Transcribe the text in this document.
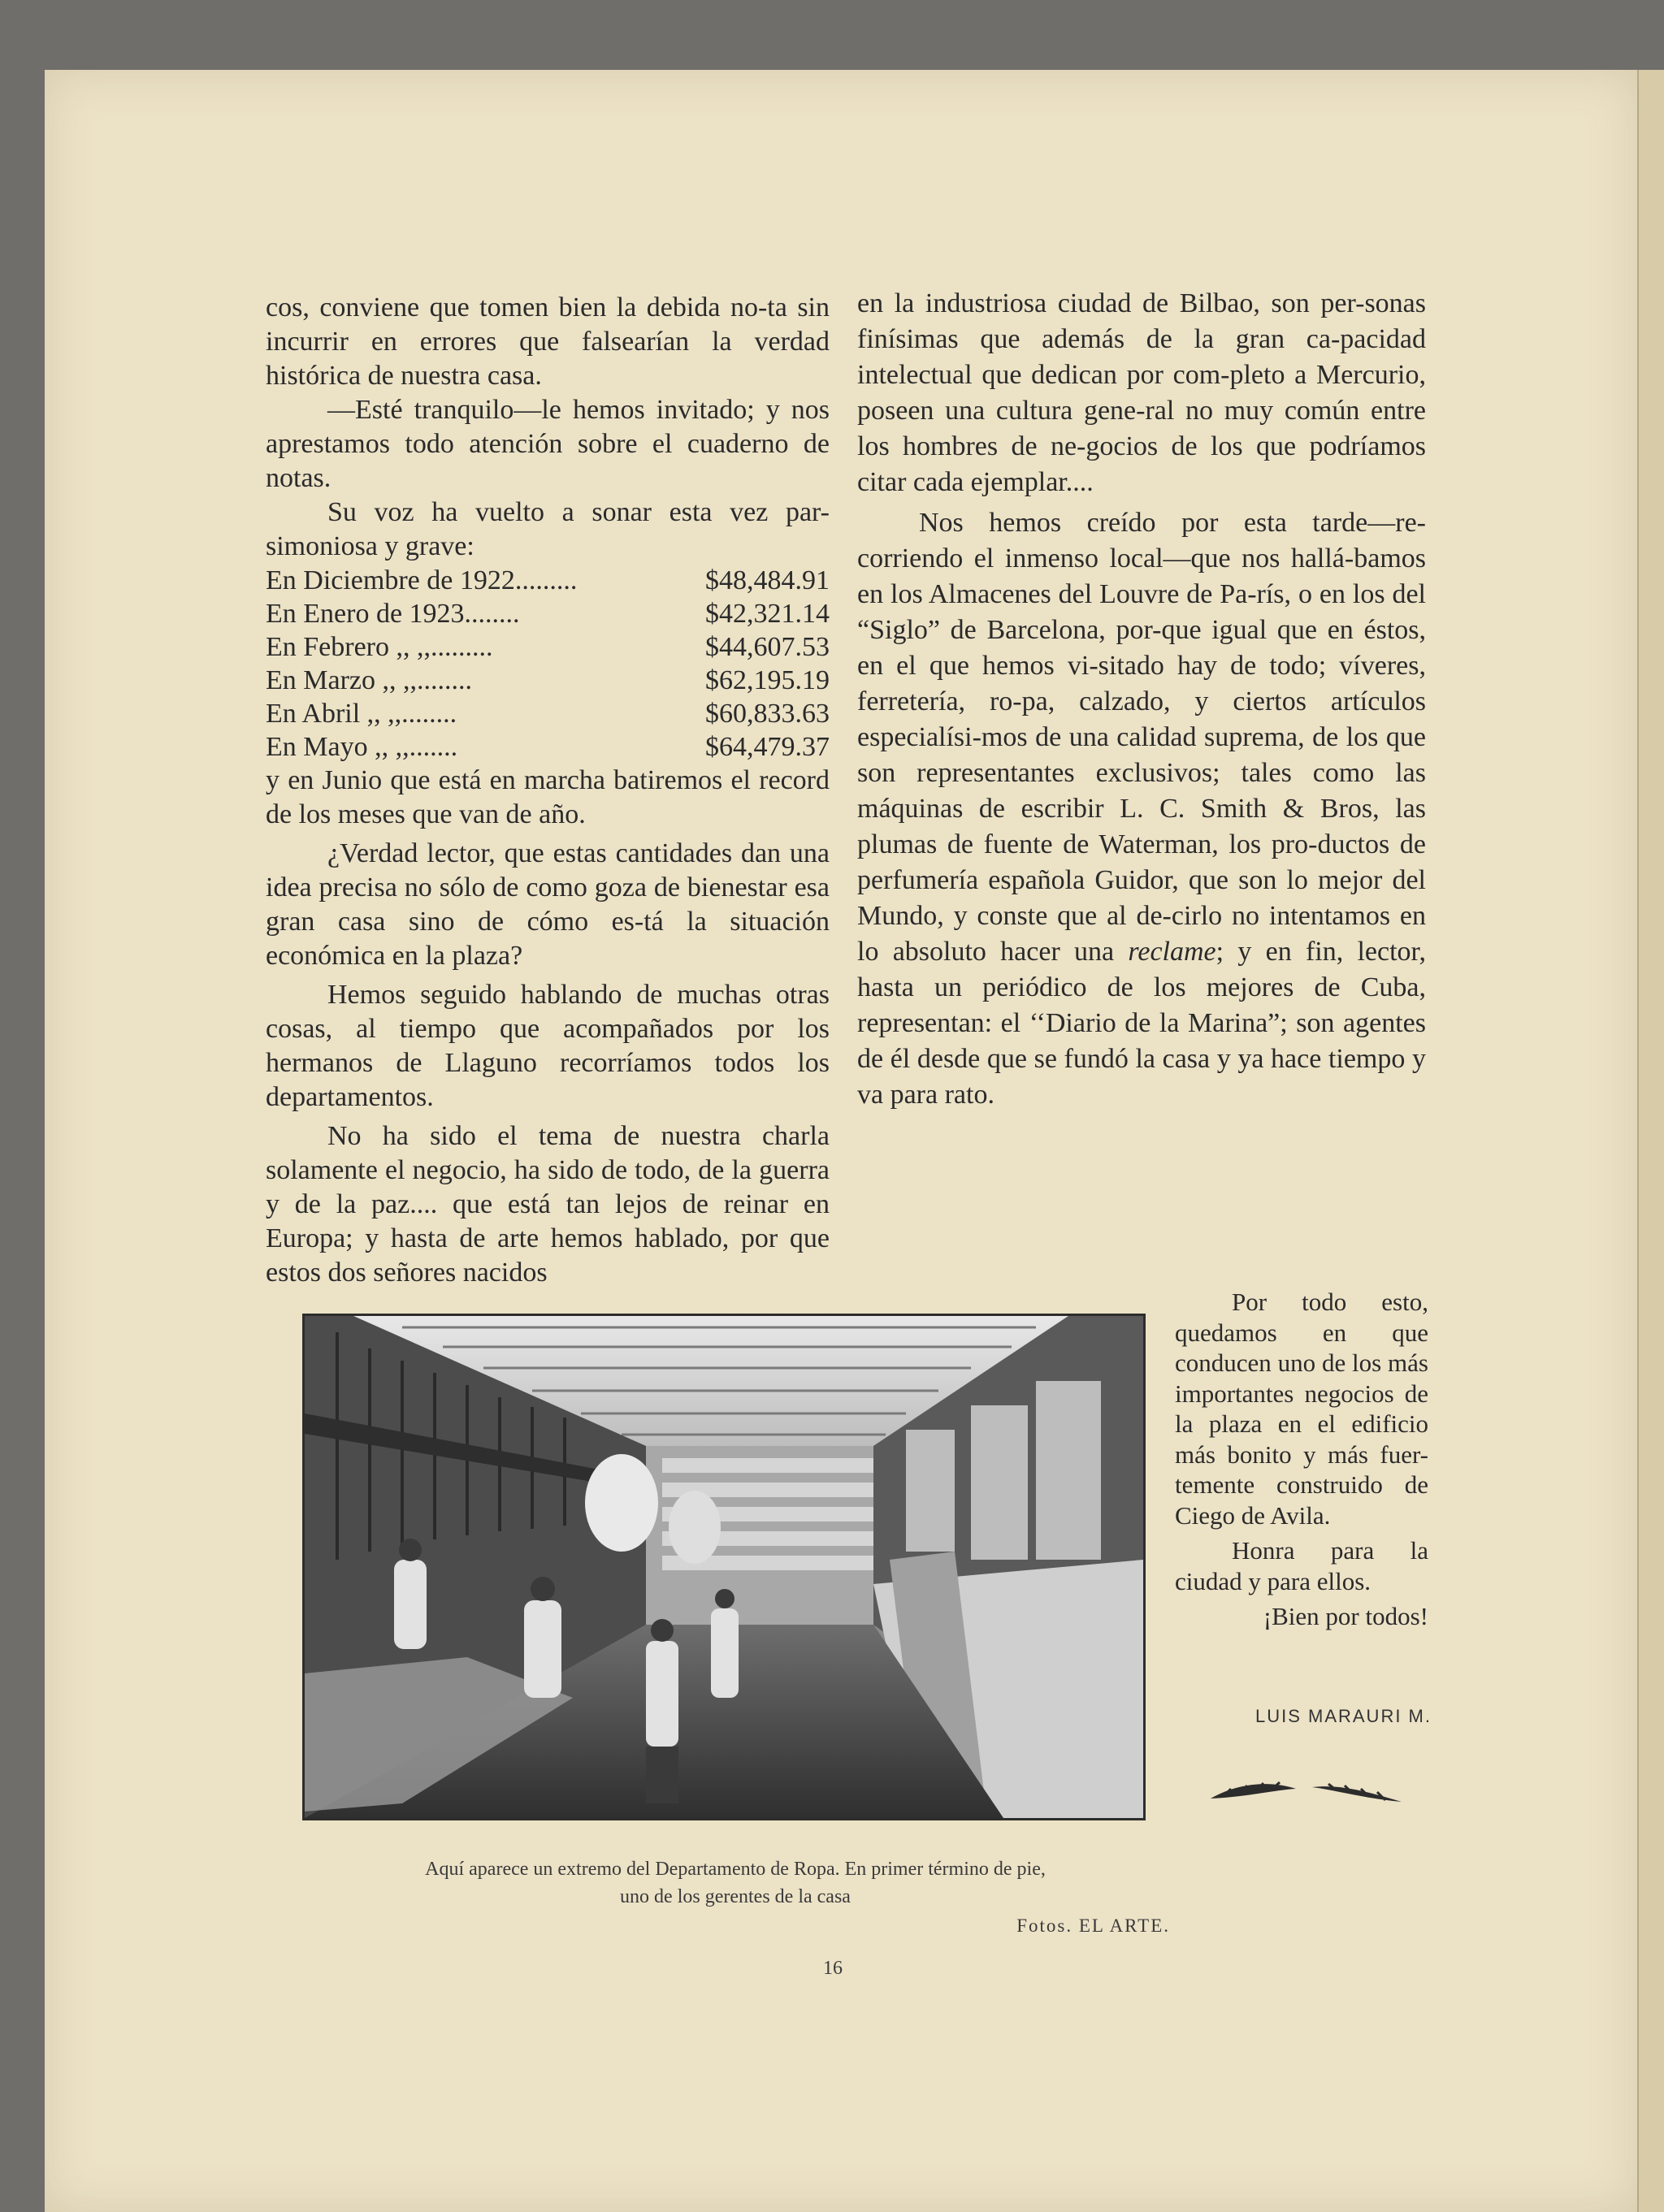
cos, conviene que tomen bien la debida no-ta sin incurrir en errores que falsearían la verdad histórica de nuestra casa.

—Esté tranquilo—le hemos invitado; y nos aprestamos todo atención sobre el cuaderno de notas.

Su voz ha vuelto a sonar esta vez par-simoniosa y grave:

En Diciembre de 1922.........	$48,484.91
En Enero de 1923........	$42,321.14
En Febrero ,, ,,.........	$44,607.53
En Marzo ,, ,,........	$62,195.19
En Abril ,, ,,........	$60,833.63
En Mayo ,, ,,.......	$64,479.37

y en Junio que está en marcha batiremos el record de los meses que van de año.

¿Verdad lector, que estas cantidades dan una idea precisa no sólo de como goza de bienestar esa gran casa sino de cómo es-tá la situación económica en la plaza?

Hemos seguido hablando de muchas otras cosas, al tiempo que acompañados por los hermanos de Llaguno recorríamos todos los departamentos.

No ha sido el tema de nuestra charla solamente el negocio, ha sido de todo, de la guerra y de la paz.... que está tan lejos de reinar en Europa; y hasta de arte hemos hablado, por que estos dos señores nacidos

en la industriosa ciudad de Bilbao, son per-sonas finísimas que además de la gran ca-pacidad intelectual que dedican por com-pleto a Mercurio, poseen una cultura gene-ral no muy común entre los hombres de ne-gocios de los que podríamos citar cada ejemplar....

Nos hemos creído por esta tarde—re-corriendo el inmenso local—que nos hallá-bamos en los Almacenes del Louvre de Pa-rís, o en los del “Siglo” de Barcelona, por-que igual que en éstos, en el que hemos vi-sitado hay de todo; víveres, ferretería, ro-pa, calzado, y ciertos artículos especialísi-mos de una calidad suprema, de los que son representantes exclusivos; tales como las máquinas de escribir L. C. Smith & Bros, las plumas de fuente de Waterman, los pro-ductos de perfumería española Guidor, que son lo mejor del Mundo, y conste que al de-cirlo no intentamos en lo absoluto hacer una reclame; y en fin, lector, hasta un periódico de los mejores de Cuba, representan: el ‘‘Diario de la Marina”; son agentes de él desde que se fundó la casa y ya hace tiempo y va para rato.

Aquí aparece un extremo del Departamento de Ropa. En primer término de pie,
uno de los gerentes de la casa
Fotos. EL ARTE.
16

Por todo esto, quedamos en que conducen uno de los más importantes negocios de la plaza en el edificio más bonito y más fuer-temente construido de Ciego de Avila.

Honra para la ciudad y para ellos.

¡Bien por todos!

LUIS MARAURI M.
